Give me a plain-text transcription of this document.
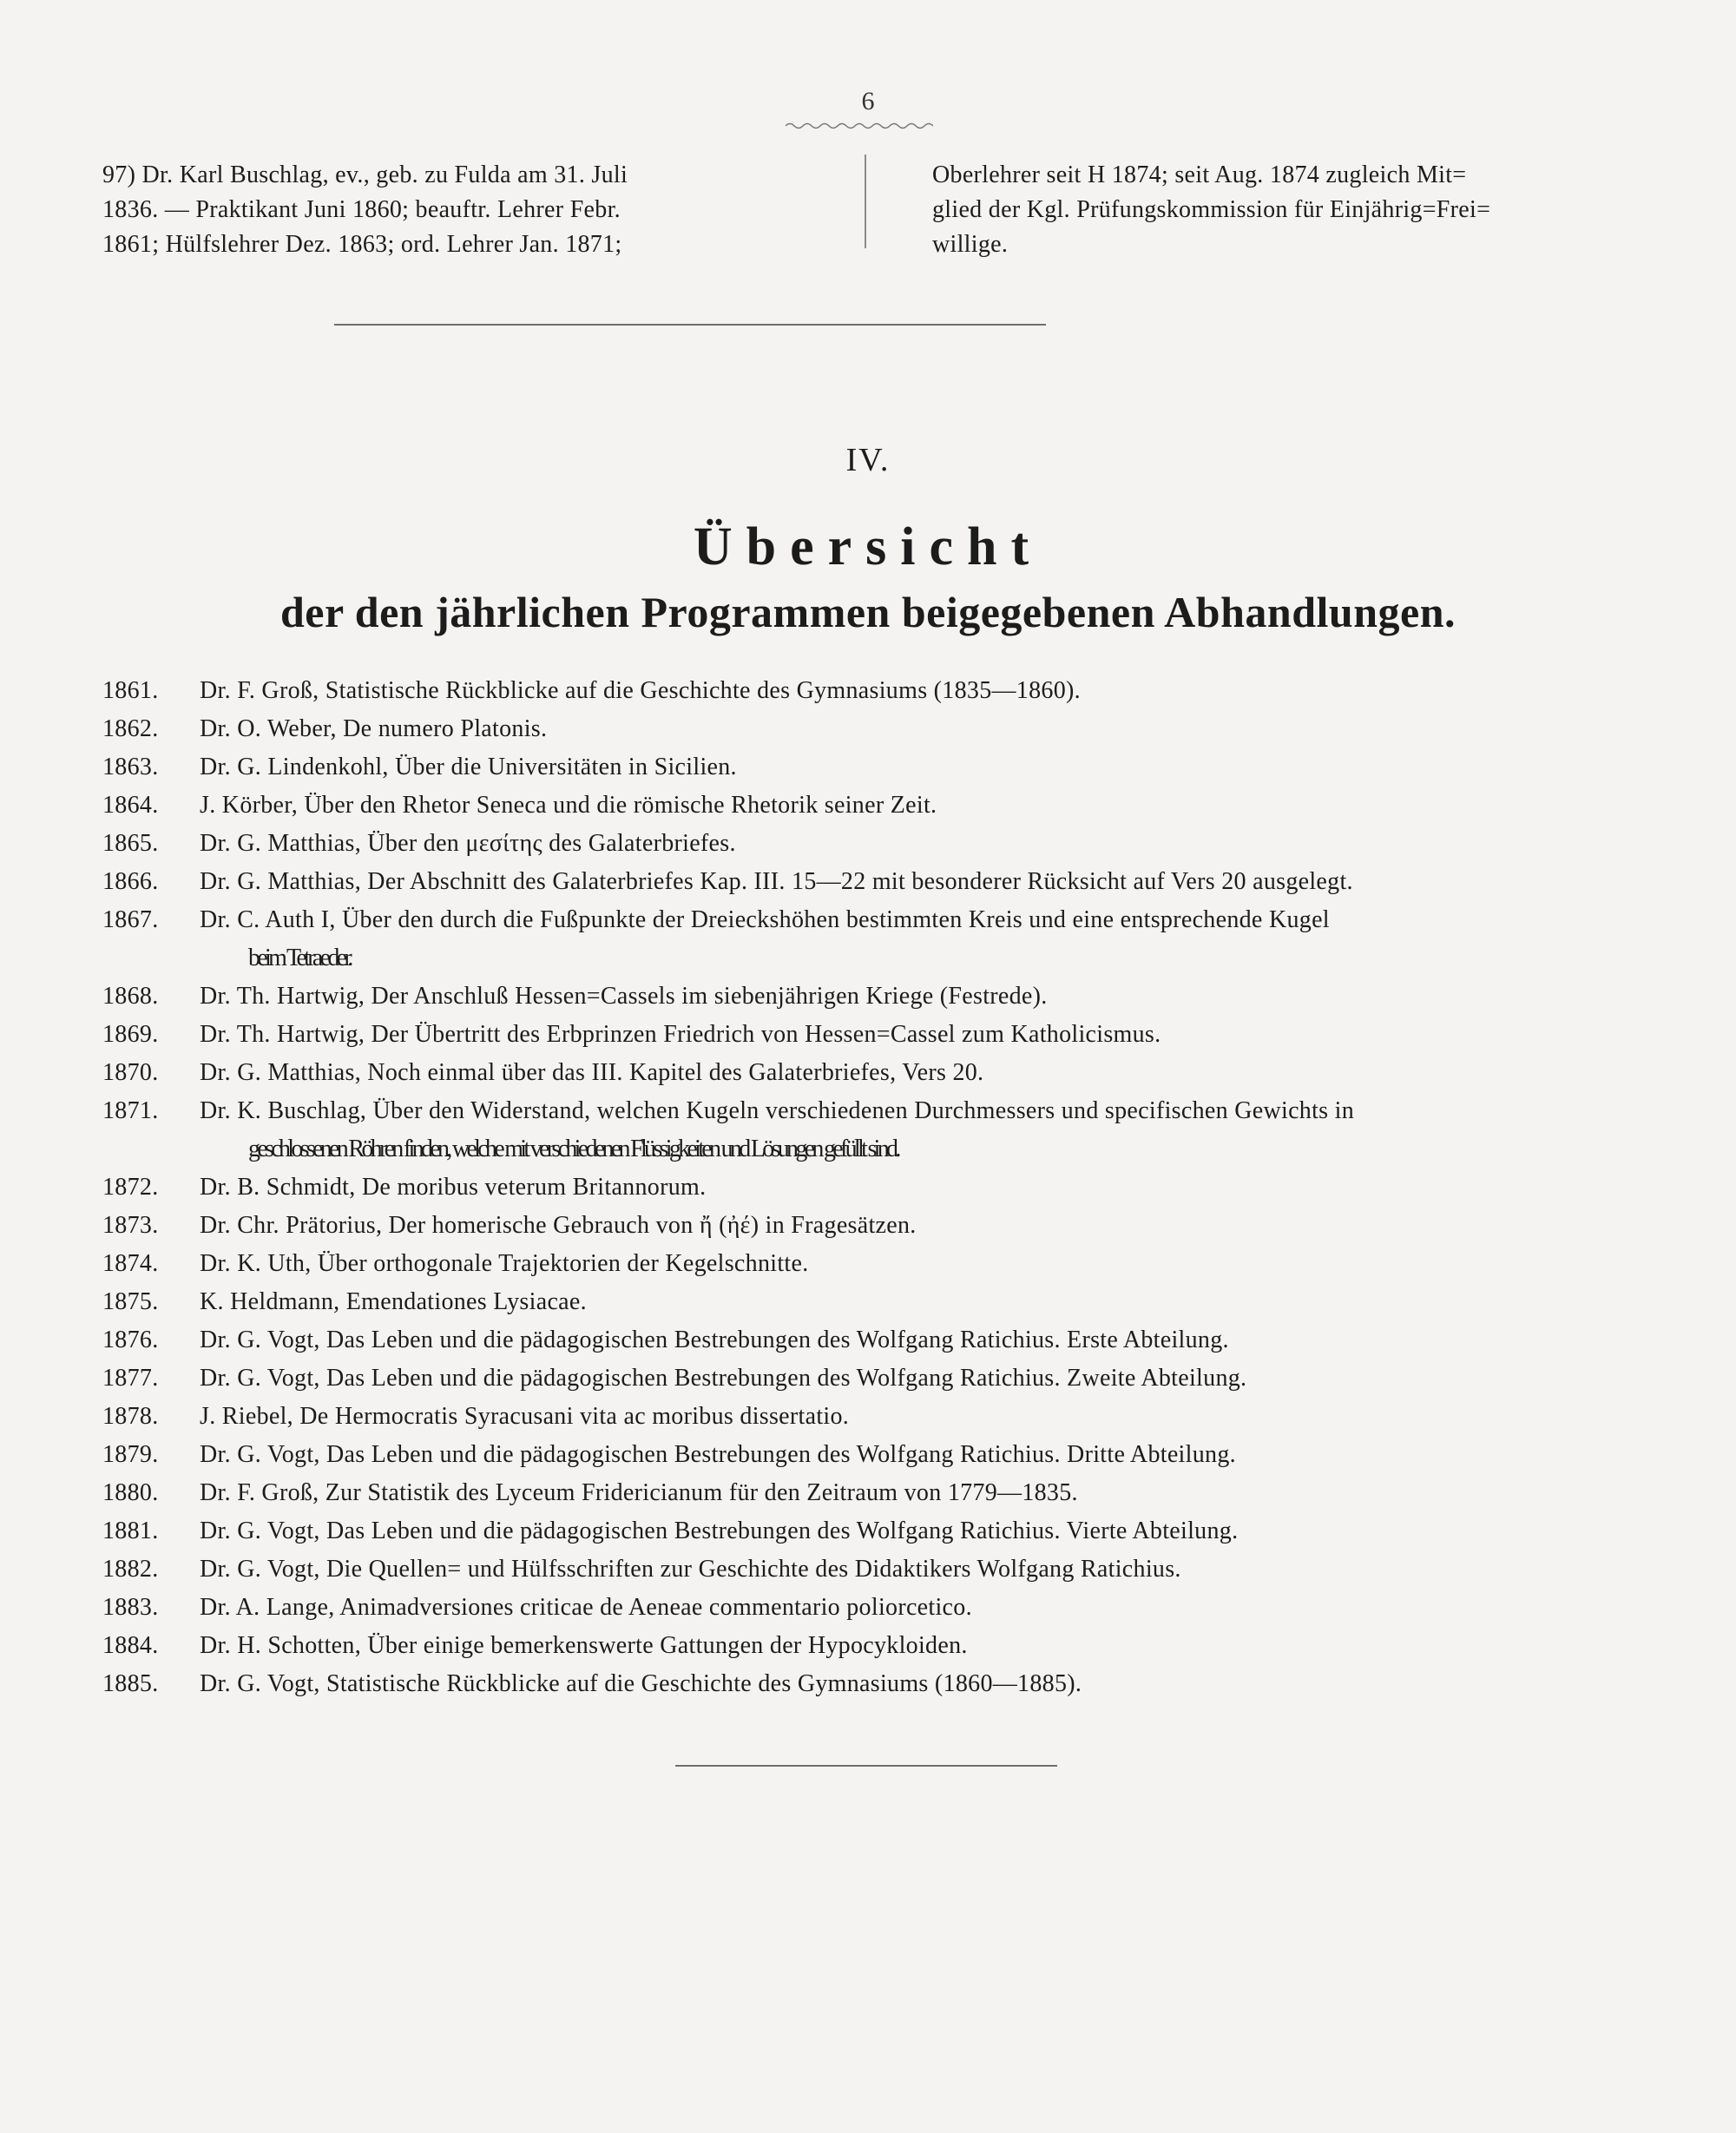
6
97) Dr. Karl Buschlag, ev., geb. zu Fulda am 31. Juli
1836. — Praktikant Juni 1860; beauftr. Lehrer Febr.
1861; Hülfslehrer Dez. 1863; ord. Lehrer Jan. 1871;
Oberlehrer seit H 1874; seit Aug. 1874 zugleich Mit=
glied der Kgl. Prüfungskommission für Einjährig=Frei=
willige.
IV.
Übersicht
der den jährlichen Programmen beigegebenen Abhandlungen.
1861.	Dr. F. Groß, Statistische Rückblicke auf die Geschichte des Gymnasiums (1835—1860).
1862.	Dr. O. Weber, De numero Platonis.
1863.	Dr. G. Lindenkohl, Über die Universitäten in Sicilien.
1864.	J. Körber, Über den Rhetor Seneca und die römische Rhetorik seiner Zeit.
1865.	Dr. G. Matthias, Über den μεσίτης des Galaterbriefes.
1866.	Dr. G. Matthias, Der Abschnitt des Galaterbriefes Kap. III. 15—22 mit besonderer Rücksicht auf Vers 20 ausgelegt.
1867.	Dr. C. Auth I, Über den durch die Fußpunkte der Dreieckshöhen bestimmten Kreis und eine entsprechende Kugel
beim Tetraeder.
1868.	Dr. Th. Hartwig, Der Anschluß Hessen=Cassels im siebenjährigen Kriege (Festrede).
1869.	Dr. Th. Hartwig, Der Übertritt des Erbprinzen Friedrich von Hessen=Cassel zum Katholicismus.
1870.	Dr. G. Matthias, Noch einmal über das III. Kapitel des Galaterbriefes, Vers 20.
1871.	Dr. K. Buschlag, Über den Widerstand, welchen Kugeln verschiedenen Durchmessers und specifischen Gewichts in
geschlossenen Röhren finden, welche mit verschiedenen Flüssigkeiten und Lösungen gefüllt sind.
1872.	Dr. B. Schmidt, De moribus veterum Britannorum.
1873.	Dr. Chr. Prätorius, Der homerische Gebrauch von ἤ (ἠέ) in Fragesätzen.
1874.	Dr. K. Uth, Über orthogonale Trajektorien der Kegelschnitte.
1875.	K. Heldmann, Emendationes Lysiacae.
1876.	Dr. G. Vogt, Das Leben und die pädagogischen Bestrebungen des Wolfgang Ratichius. Erste Abteilung.
1877.	Dr. G. Vogt, Das Leben und die pädagogischen Bestrebungen des Wolfgang Ratichius. Zweite Abteilung.
1878.	J. Riebel, De Hermocratis Syracusani vita ac moribus dissertatio.
1879.	Dr. G. Vogt, Das Leben und die pädagogischen Bestrebungen des Wolfgang Ratichius. Dritte Abteilung.
1880.	Dr. F. Groß, Zur Statistik des Lyceum Fridericianum für den Zeitraum von 1779—1835.
1881.	Dr. G. Vogt, Das Leben und die pädagogischen Bestrebungen des Wolfgang Ratichius. Vierte Abteilung.
1882.	Dr. G. Vogt, Die Quellen= und Hülfsschriften zur Geschichte des Didaktikers Wolfgang Ratichius.
1883.	Dr. A. Lange, Animadversiones criticae de Aeneae commentario poliorcetico.
1884.	Dr. H. Schotten, Über einige bemerkenswerte Gattungen der Hypocykloiden.
1885.	Dr. G. Vogt, Statistische Rückblicke auf die Geschichte des Gymnasiums (1860—1885).
